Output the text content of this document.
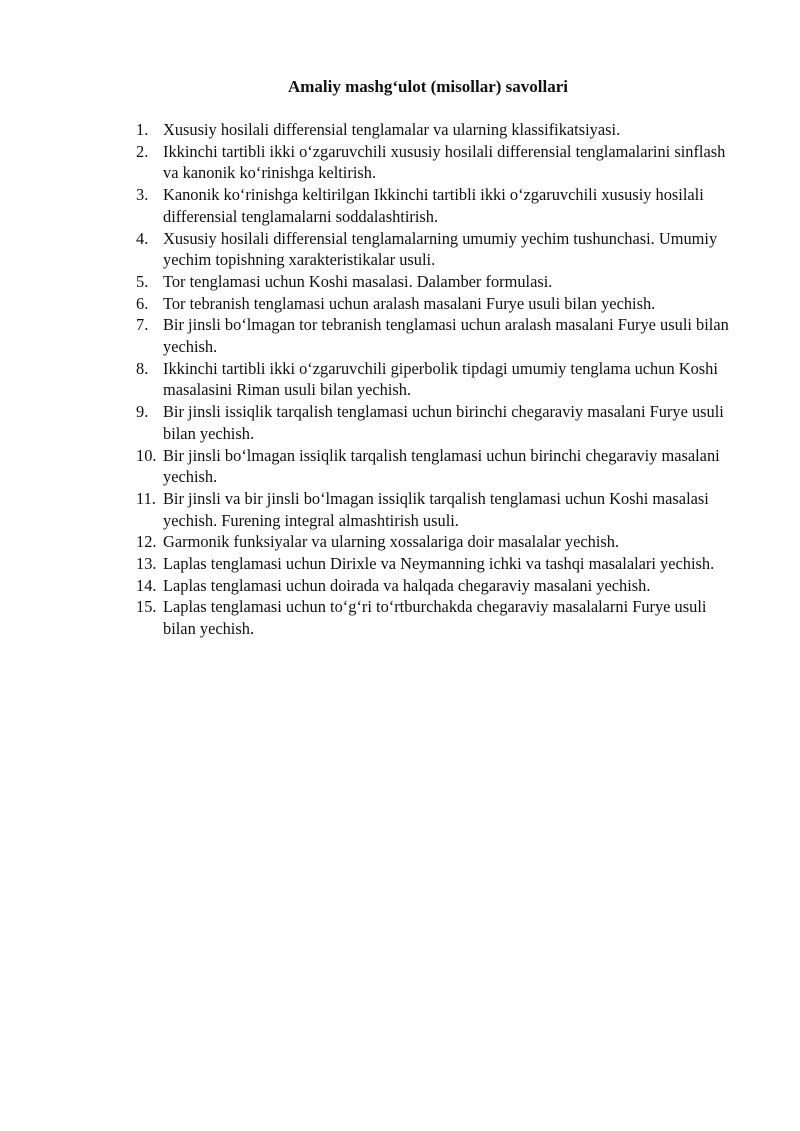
Amaliy mashg‘ulot (misollar) savollari
1. Xususiy hosilali differensial tenglamalar va ularning klassifikatsiyasi.
2. Ikkinchi tartibli ikki o‘zgaruvchili xususiy hosilali differensial tenglamalarini sinflash va kanonik ko‘rinishga keltirish.
3. Kanonik ko‘rinishga keltirilgan Ikkinchi tartibli ikki o‘zgaruvchili xususiy hosilali differensial tenglamalarni soddalashtirish.
4. Xususiy hosilali differensial tenglamalarning umumiy yechim tushunchasi. Umumiy yechim topishning xarakteristikalar usuli.
5. Tor tenglamasi uchun Koshi masalasi. Dalamber formulasi.
6. Tor tebranish tenglamasi uchun aralash masalani Furye usuli bilan yechish.
7. Bir jinsli bo‘lmagan tor tebranish tenglamasi uchun aralash masalani Furye usuli bilan yechish.
8. Ikkinchi tartibli ikki o‘zgaruvchili giperbolik tipdagi umumiy tenglama uchun Koshi masalasini Riman usuli bilan yechish.
9. Bir jinsli issiqlik tarqalish tenglamasi uchun birinchi chegaraviy masalani Furye usuli bilan yechish.
10. Bir jinsli bo‘lmagan issiqlik tarqalish tenglamasi uchun birinchi chegaraviy masalani yechish.
11. Bir jinsli va bir jinsli bo‘lmagan issiqlik tarqalish tenglamasi uchun Koshi masalasi yechish. Furening integral almashtirish usuli.
12. Garmonik funksiyalar va ularning xossalariga doir masalalar yechish.
13. Laplas tenglamasi uchun Dirixle va Neymanning ichki va tashqi masalalari yechish.
14. Laplas tenglamasi uchun doirada va halqada chegaraviy masalani yechish.
15. Laplas tenglamasi uchun to‘g‘ri to‘rtburchakda chegaraviy masalalarni Furye usuli bilan yechish.
